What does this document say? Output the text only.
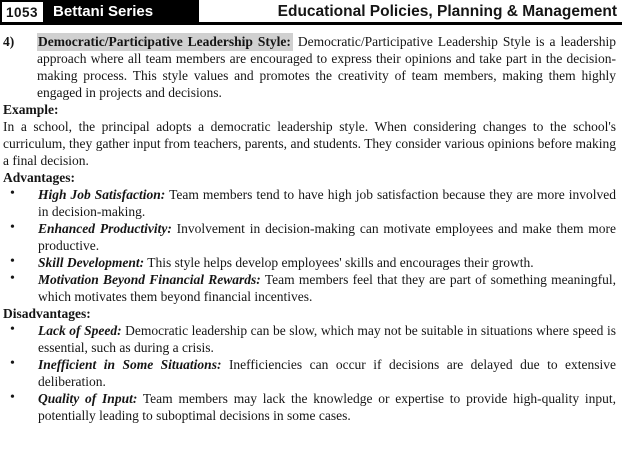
1053	Bettani Series	Educational Policies, Planning & Management

4) Democratic/Participative Leadership Style: Democratic/Participative Leadership Style is a leadership approach where all team members are encouraged to express their opinions and take part in the decision-making process. This style values and promotes the creativity of team members, making them highly engaged in projects and decisions.

Example:

In a school, the principal adopts a democratic leadership style. When considering changes to the school's curriculum, they gather input from teachers, parents, and students. They consider various opinions before making a final decision.

Advantages:

• High Job Satisfaction: Team members tend to have high job satisfaction because they are more involved in decision-making.

• Enhanced Productivity: Involvement in decision-making can motivate employees and make them more productive.

• Skill Development: This style helps develop employees' skills and encourages their growth.

• Motivation Beyond Financial Rewards: Team members feel that they are part of something meaningful, which motivates them beyond financial incentives.

Disadvantages:

• Lack of Speed: Democratic leadership can be slow, which may not be suitable in situations where speed is essential, such as during a crisis.

• Inefficient in Some Situations: Inefficiencies can occur if decisions are delayed due to extensive deliberation.

• Quality of Input: Team members may lack the knowledge or expertise to provide high-quality input, potentially leading to suboptimal decisions in some cases.
